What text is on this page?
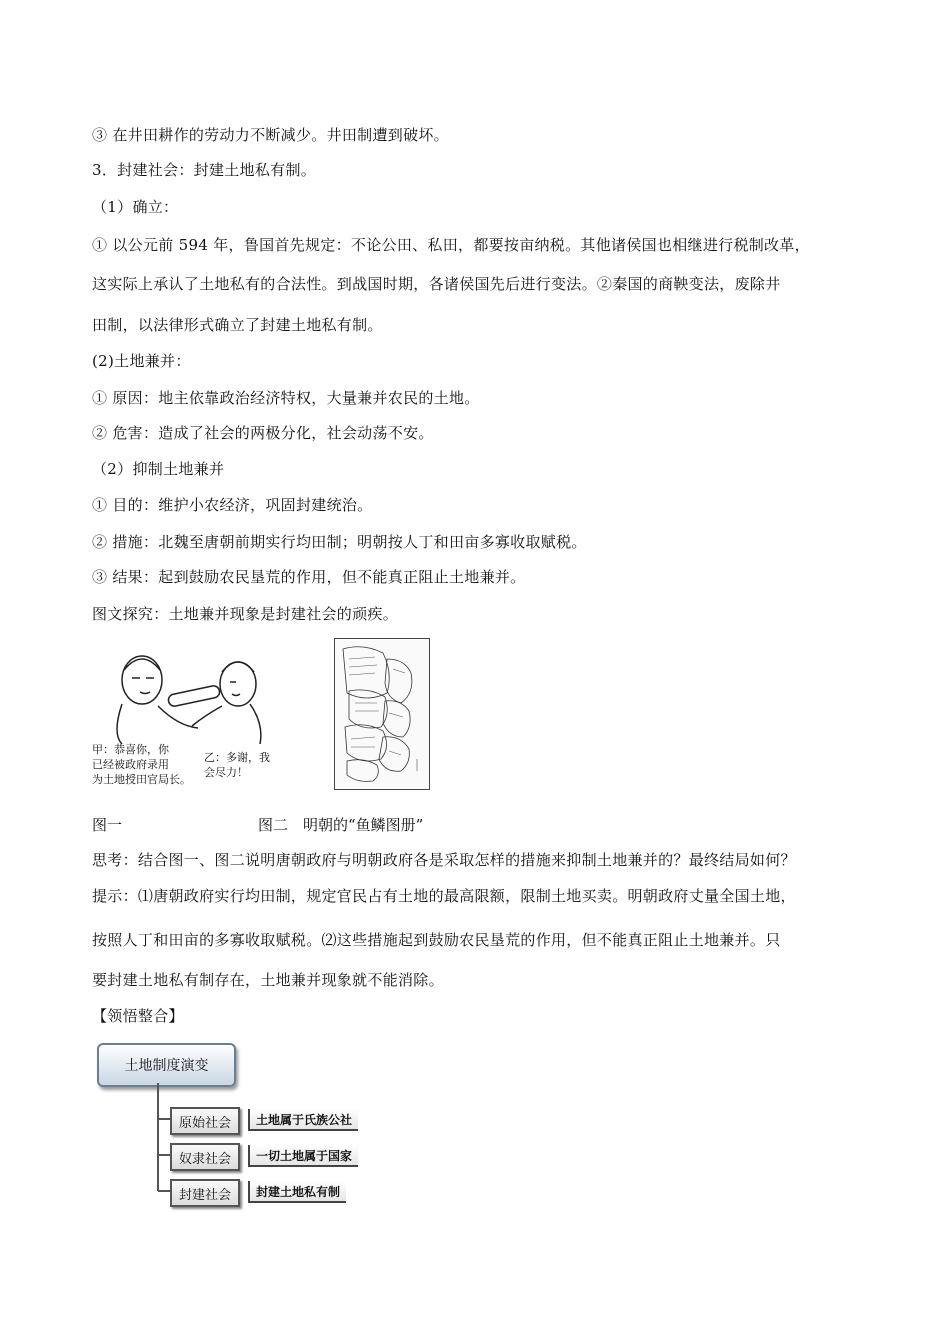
③ 在井田耕作的劳动力不断减少。井田制遭到破坏。
3．封建社会：封建土地私有制。
（1）确立：
① 以公元前 594 年，鲁国首先规定：不论公田、私田，都要按亩纳税。其他诸侯国也相继进行税制改革，
这实际上承认了土地私有的合法性。到战国时期，各诸侯国先后进行变法。②秦国的商鞅变法，废除井
田制，以法律形式确立了封建土地私有制。
(2)土地兼并：
① 原因：地主依靠政治经济特权，大量兼并农民的土地。
② 危害：造成了社会的两极分化，社会动荡不安。
（2）抑制土地兼并
① 目的：维护小农经济，巩固封建统治。
② 措施：北魏至唐朝前期实行均田制；明朝按人丁和田亩多寡收取赋税。
③ 结果：起到鼓励农民垦荒的作用，但不能真正阻止土地兼并。
图文探究：土地兼并现象是封建社会的顽疾。
甲：恭喜你，你
已经被政府录用
为土地授田官局长。
乙：多谢，我
会尽力！
图一	图二　明朝的“鱼鳞图册”
思考：结合图一、图二说明唐朝政府与明朝政府各是采取怎样的措施来抑制土地兼并的？最终结局如何？
提示：⑴唐朝政府实行均田制，规定官民占有土地的最高限额，限制土地买卖。明朝政府丈量全国土地，
按照人丁和田亩的多寡收取赋税。⑵这些措施起到鼓励农民垦荒的作用，但不能真正阻止土地兼并。只
要封建土地私有制存在，土地兼并现象就不能消除。
【领悟整合】
土地制度演变
原始社会	土地属于氏族公社
奴隶社会	一切土地属于国家
封建社会	封建土地私有制
